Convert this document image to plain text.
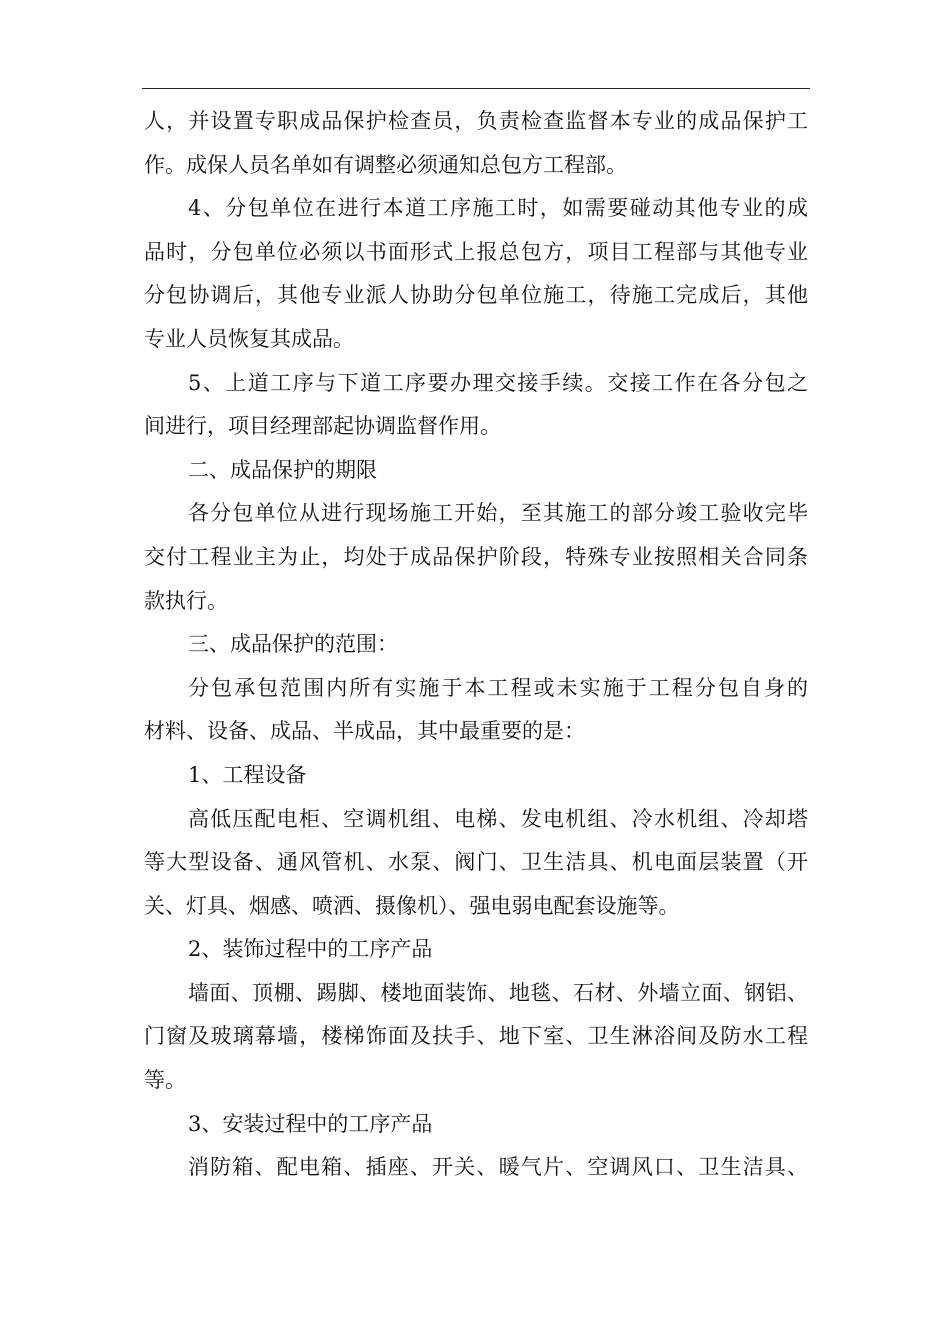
人，并设置专职成品保护检查员，负责检查监督本专业的成品保护工
作。成保人员名单如有调整必须通知总包方工程部。
4、分包单位在进行本道工序施工时，如需要碰动其他专业的成
品时，分包单位必须以书面形式上报总包方，项目工程部与其他专业
分包协调后，其他专业派人协助分包单位施工，待施工完成后，其他
专业人员恢复其成品。
5、上道工序与下道工序要办理交接手续。交接工作在各分包之
间进行，项目经理部起协调监督作用。
二、成品保护的期限
各分包单位从进行现场施工开始，至其施工的部分竣工验收完毕
交付工程业主为止，均处于成品保护阶段，特殊专业按照相关合同条
款执行。
三、成品保护的范围：
分包承包范围内所有实施于本工程或未实施于工程分包自身的
材料、设备、成品、半成品，其中最重要的是：
1、工程设备
高低压配电柜、空调机组、电梯、发电机组、冷水机组、冷却塔
等大型设备、通风管机、水泵、阀门、卫生洁具、机电面层装置（开
关、灯具、烟感、喷洒、摄像机）、强电弱电配套设施等。
2、装饰过程中的工序产品
墙面、顶棚、踢脚、楼地面装饰、地毯、石材、外墙立面、钢铝、
门窗及玻璃幕墙，楼梯饰面及扶手、地下室、卫生淋浴间及防水工程
等。
3、安装过程中的工序产品
消防箱、配电箱、插座、开关、暖气片、空调风口、卫生洁具、
